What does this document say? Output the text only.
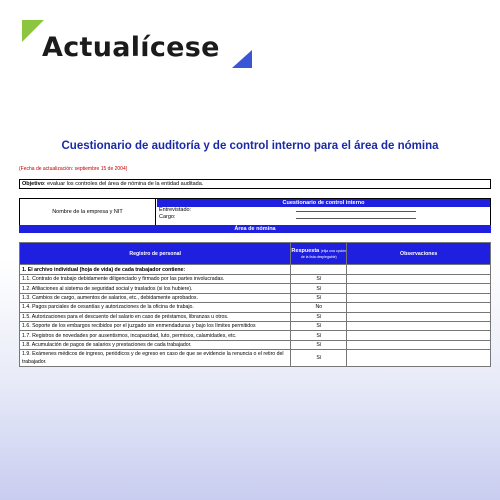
Actualícese
Cuestionario de auditoría y de control interno para el área de nómina
(Fecha de actualización: septiembre 15 de 2004)
Objetivo: evaluar los controles del área de nómina de la entidad auditada.
Nombre de la empresa y NIT
Cuestionario de control interno
Entrevistado:
Cargo:
Área de nómina
Registro de personal	Respuesta (elija una opción de la lista desplegable)	Observaciones
1. El archivo individual (hoja de vida) de cada trabajador contiene:		
1.1. Contrato de trabajo debidamente diligenciado y firmado por las partes involucradas.	Sí	
1.2. Afiliaciones al sistema de seguridad social y traslados (si los hubiere).	Sí	
1.3. Cambios de cargo, aumentos de salarios, etc., debidamente aprobados.	Sí	
1.4. Pagos parciales de cesantías y autorizaciones de la oficina de trabajo.	No	
1.5. Autorizaciones para el descuento del salario en caso de préstamos, libranzas u otros.	Sí	
1.6. Soporte de los embargos recibidos por el juzgado sin enmendaduras y bajo los límites permitidos	Sí	
1.7. Registros de novedades por ausentismos, incapacidad, luto, permisos, calamidades, etc.	Sí	
1.8. Acumulación de pagos de salarios y prestaciones de cada trabajador.	Sí	
1.9. Exámenes médicos de ingreso, periódicos y de egreso en caso de que se evidencie la renuncia o el retiro del trabajador.	Sí	
